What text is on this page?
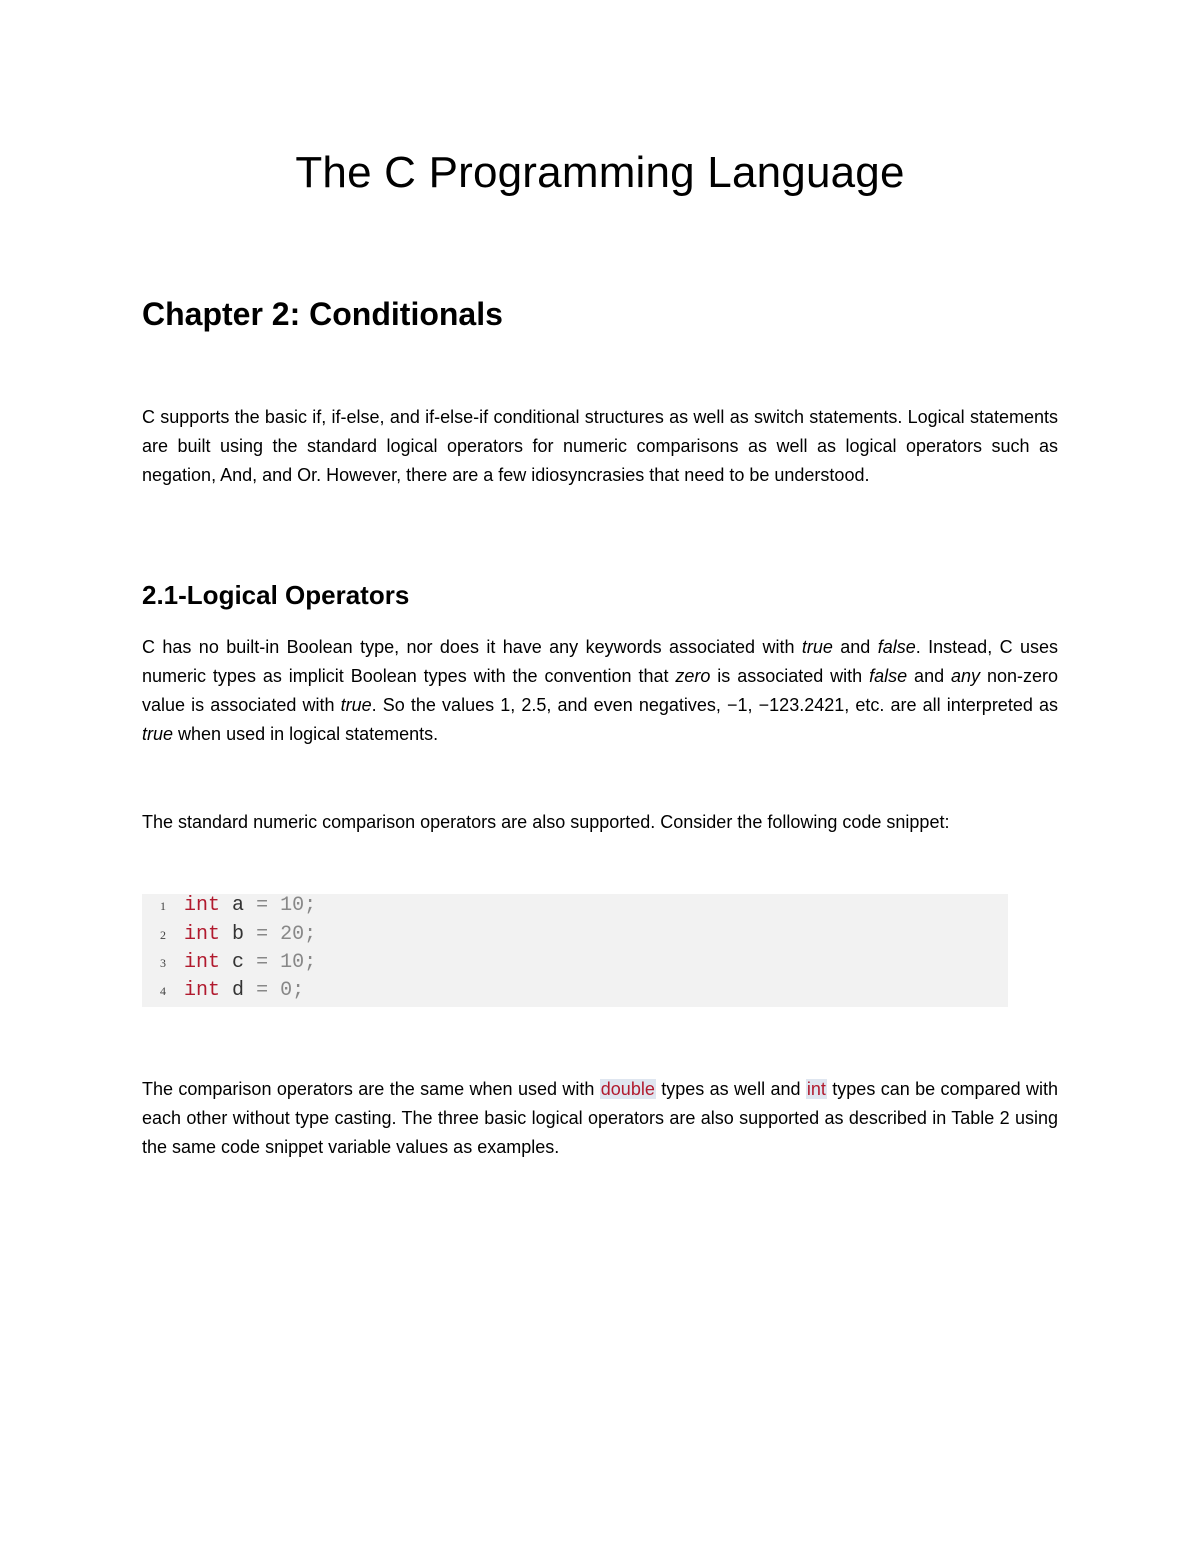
The C Programming Language
Chapter 2: Conditionals

C supports the basic if, if-else, and if-else-if conditional structures as well as switch statements. Logical statements are built using the standard logical operators for numeric comparisons as well as logical operators such as negation, And, and Or. However, there are a few idiosyncrasies that need to be understood.

2.1-Logical Operators

C has no built-in Boolean type, nor does it have any keywords associated with true and false. Instead, C uses numeric types as implicit Boolean types with the convention that zero is associated with false and any non-zero value is associated with true. So the values 1, 2.5, and even negatives, −1, −123.2421, etc. are all interpreted as true when used in logical statements.

The standard numeric comparison operators are also supported. Consider the following code snippet:

1 int a = 10;
2 int b = 20;
3 int c = 10;
4 int d = 0;

The comparison operators are the same when used with double types as well and int types can be compared with each other without type casting. The three basic logical operators are also supported as described in Table 2 using the same code snippet variable values as examples.
